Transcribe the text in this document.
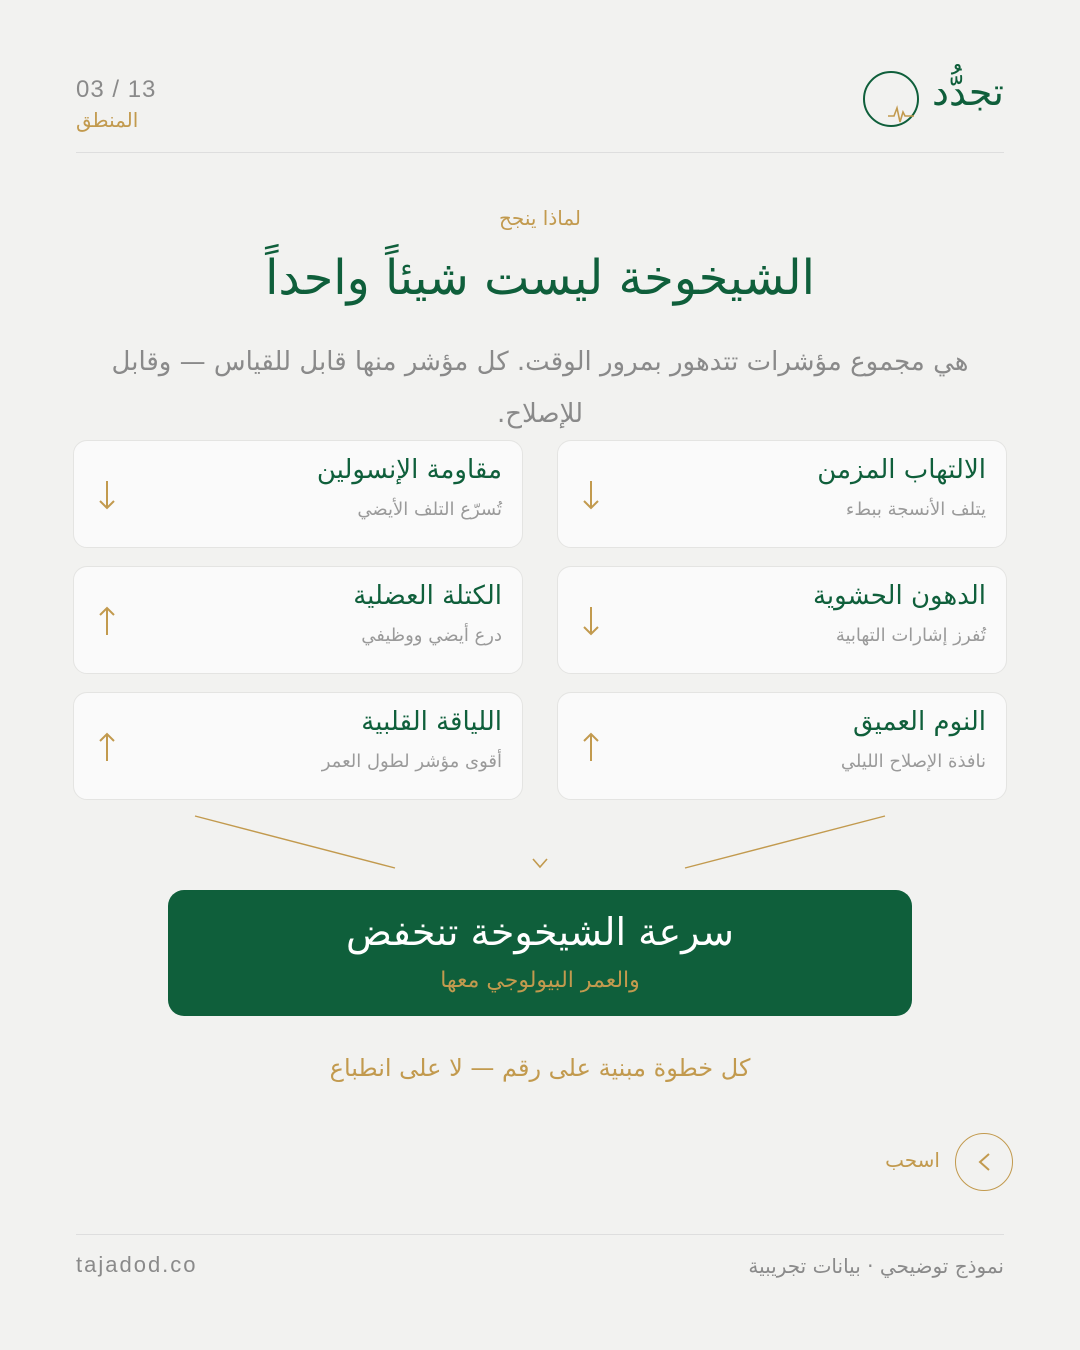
تجدُّد
03 / 13
المنطق
لماذا ينجح
الشيخوخة ليست شيئاً واحداً
هي مجموع مؤشرات تتدهور بمرور الوقت. كل مؤشر منها قابل للقياس — وقابل للإصلاح.
الالتهاب المزمن
يتلف الأنسجة ببطء
مقاومة الإنسولين
تُسرّع التلف الأيضي
الدهون الحشوية
تُفرز إشارات التهابية
الكتلة العضلية
درع أيضي ووظيفي
النوم العميق
نافذة الإصلاح الليلي
اللياقة القلبية
أقوى مؤشر لطول العمر
سرعة الشيخوخة تنخفض
والعمر البيولوجي معها
كل خطوة مبنية على رقم — لا على انطباع
اسحب
tajadod.co	نموذج توضيحي · بيانات تجريبية
